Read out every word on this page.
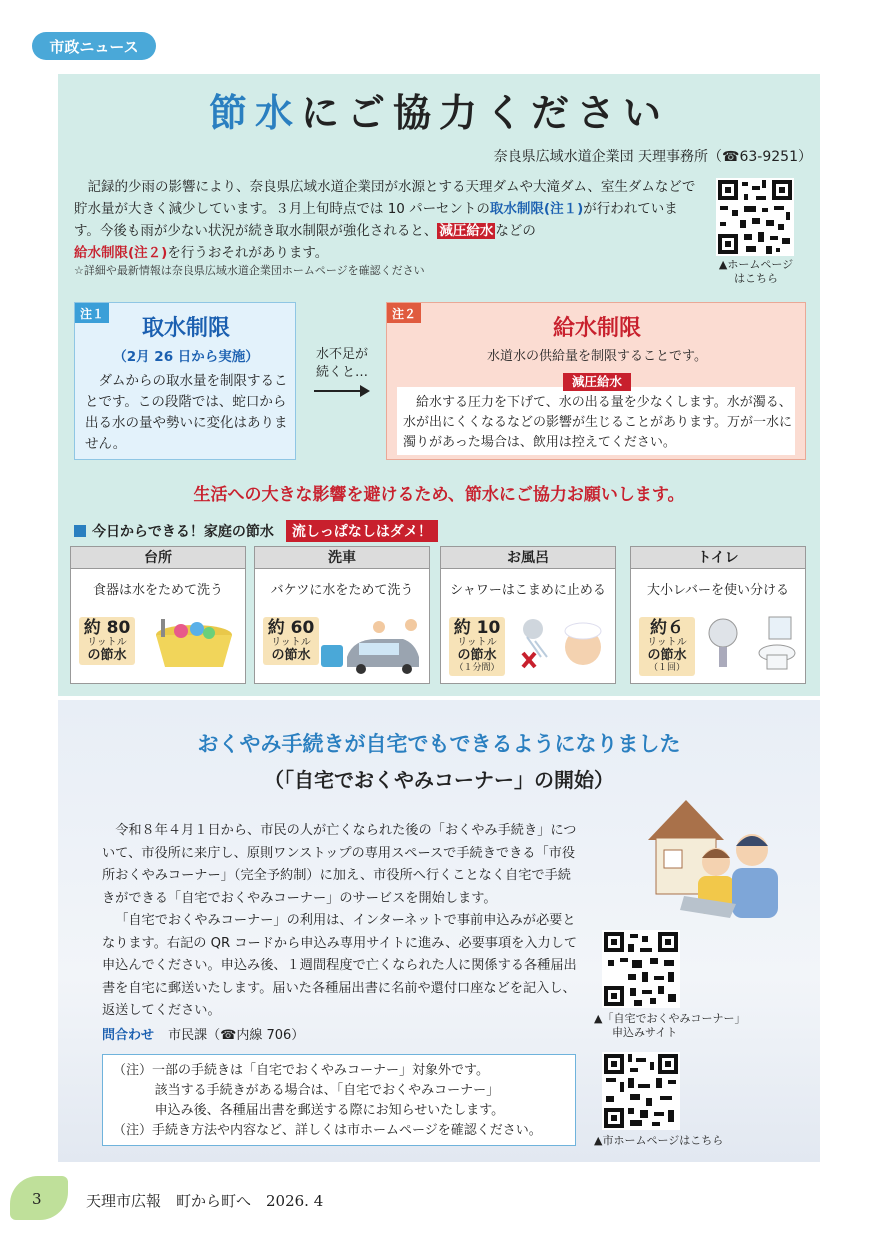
市政ニュース
節水にご協力ください
奈良県広域水道企業団 天理事務所（☎63-9251）
記録的少雨の影響により、奈良県広域水道企業団が水源とする天理ダムや大滝ダム、室生ダムなどで貯水量が大きく減少しています。３月上旬時点では 10 パーセントの取水制限(注１)が行われています。今後も雨が少ない状況が続き取水制限が強化されると、 減圧給水 などの
給水制限(注２)を行うおそれがあります。
☆詳細や最新情報は奈良県広域水道企業団ホームページを確認ください	▲ホームページ
はこちら
注１
取水制限
（2月 26 日から実施）
ダムからの取水量を制限することです。この段階では、蛇口から出る水の量や勢いに変化はありません。
水不足が
続くと…
注２
給水制限
水道水の供給量を制限することです。
減圧給水
給水する圧力を下げて、水の出る量を少なくします。水が濁る、水が出にくくなるなどの影響が生じることがあります。万が一水に濁りがあった場合は、飲用は控えてください。
生活への大きな影響を避けるため、節水にご協力お願いします。
今日からできる！家庭の節水	流しっぱなしはダメ！
台所
食器は水をためて洗う
約 80
リットル
の節水
洗車
バケツに水をためて洗う
約 60
リットル
の節水
お風呂
シャワーはこまめに止める
約 10
リットル
の節水
（１分間）
トイレ
大小レバーを使い分ける
約６
リットル
の節水
（１回）
おくやみ手続きが自宅でもできるようになりました
（「自宅でおくやみコーナー」の開始）

令和８年４月１日から、市民の人が亡くなられた後の「おくやみ手続き」について、市役所に来庁し、原則ワンストップの専用スペースで手続きできる「市役所おくやみコーナー」（完全予約制）に加え、市役所へ行くことなく自宅で手続きができる「自宅でおくやみコーナー」のサービスを開始します。

「自宅でおくやみコーナー」の利用は、インターネットで事前申込みが必要となります。右記の QR コードから申込み専用サイトに進み、必要事項を入力して申込んでください。申込み後、１週間程度で亡くなられた人に関係する各種届出書を自宅に郵送いたします。届いた各種届出書に名前や還付口座などを記入し、返送してください。

問合わせ 市民課（☎内線 706）
（注）一部の手続きは「自宅でおくやみコーナー」対象外です。
該当する手続きがある場合は、「自宅でおくやみコーナー」
申込み後、各種届出書を郵送する際にお知らせいたします。
（注）手続き方法や内容など、詳しくは市ホームページを確認ください。
▲「自宅でおくやみコーナー」
申込みサイト
▲市ホームページはこちら
3	天理市広報　町から町へ　2026. 4
